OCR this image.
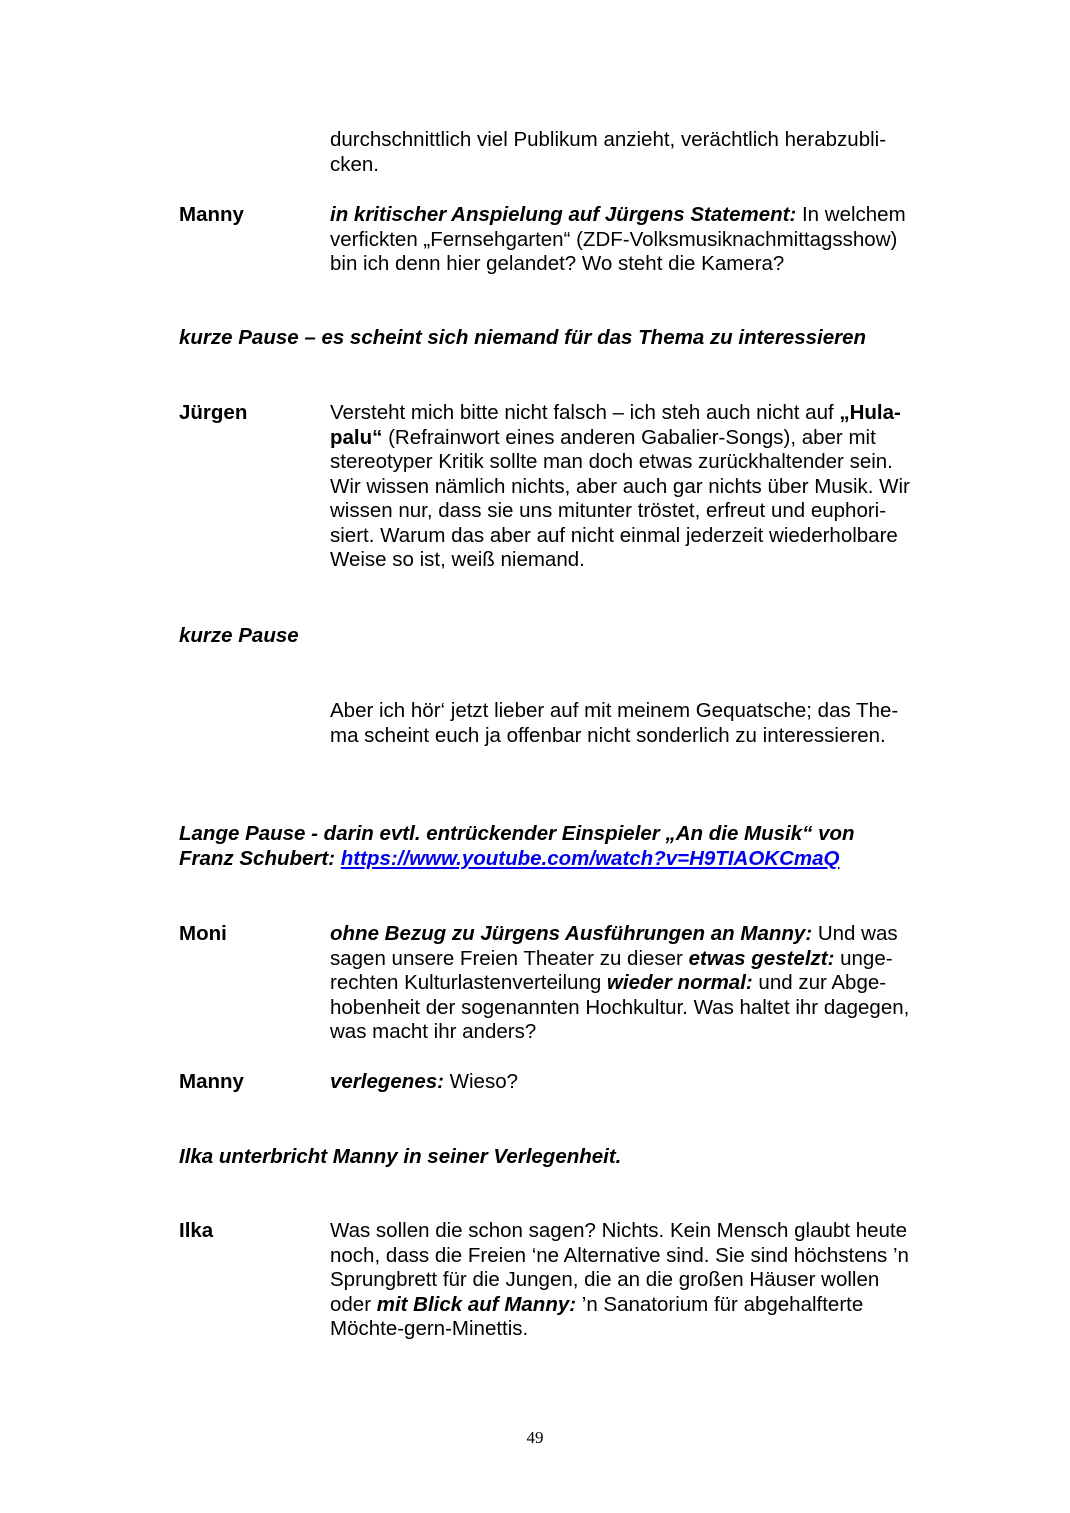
durchschnittlich viel Publikum anzieht, verächtlich herabzubli-
cken.
Manny	in kritischer Anspielung auf Jürgens Statement: In welchem
verfickten „Fernsehgarten“ (ZDF-Volksmusiknachmittagsshow)
bin ich denn hier gelandet? Wo steht die Kamera?
kurze Pause – es scheint sich niemand für das Thema zu interessieren
Jürgen	Versteht mich bitte nicht falsch – ich steh auch nicht auf „Hula-
palu“ (Refrainwort eines anderen Gabalier-Songs), aber mit
stereotyper Kritik sollte man doch etwas zurückhaltender sein.
Wir wissen nämlich nichts, aber auch gar nichts über Musik. Wir
wissen nur, dass sie uns mitunter tröstet, erfreut und euphori-
siert. Warum das aber auf nicht einmal jederzeit wiederholbare
Weise so ist, weiß niemand.
kurze Pause
Aber ich hör‘ jetzt lieber auf mit meinem Gequatsche; das The-
ma scheint euch ja offenbar nicht sonderlich zu interessieren.
Lange Pause - darin evtl. entrückender Einspieler „An die Musik“ von
Franz Schubert: https://www.youtube.com/watch?v=H9TIAOKCmaQ
Moni	ohne Bezug zu Jürgens Ausführungen an Manny: Und was
sagen unsere Freien Theater zu dieser etwas gestelzt: unge-
rechten Kulturlastenverteilung wieder normal: und zur Abge-
hobenheit der sogenannten Hochkultur. Was haltet ihr dagegen,
was macht ihr anders?
Manny	verlegenes: Wieso?
Ilka unterbricht Manny in seiner Verlegenheit.
Ilka	Was sollen die schon sagen? Nichts. Kein Mensch glaubt heute
noch, dass die Freien ‘ne Alternative sind. Sie sind höchstens ’n
Sprungbrett für die Jungen, die an die großen Häuser wollen
oder mit Blick auf Manny: ’n Sanatorium für abgehalfterte
Möchte-gern-Minettis.
49
